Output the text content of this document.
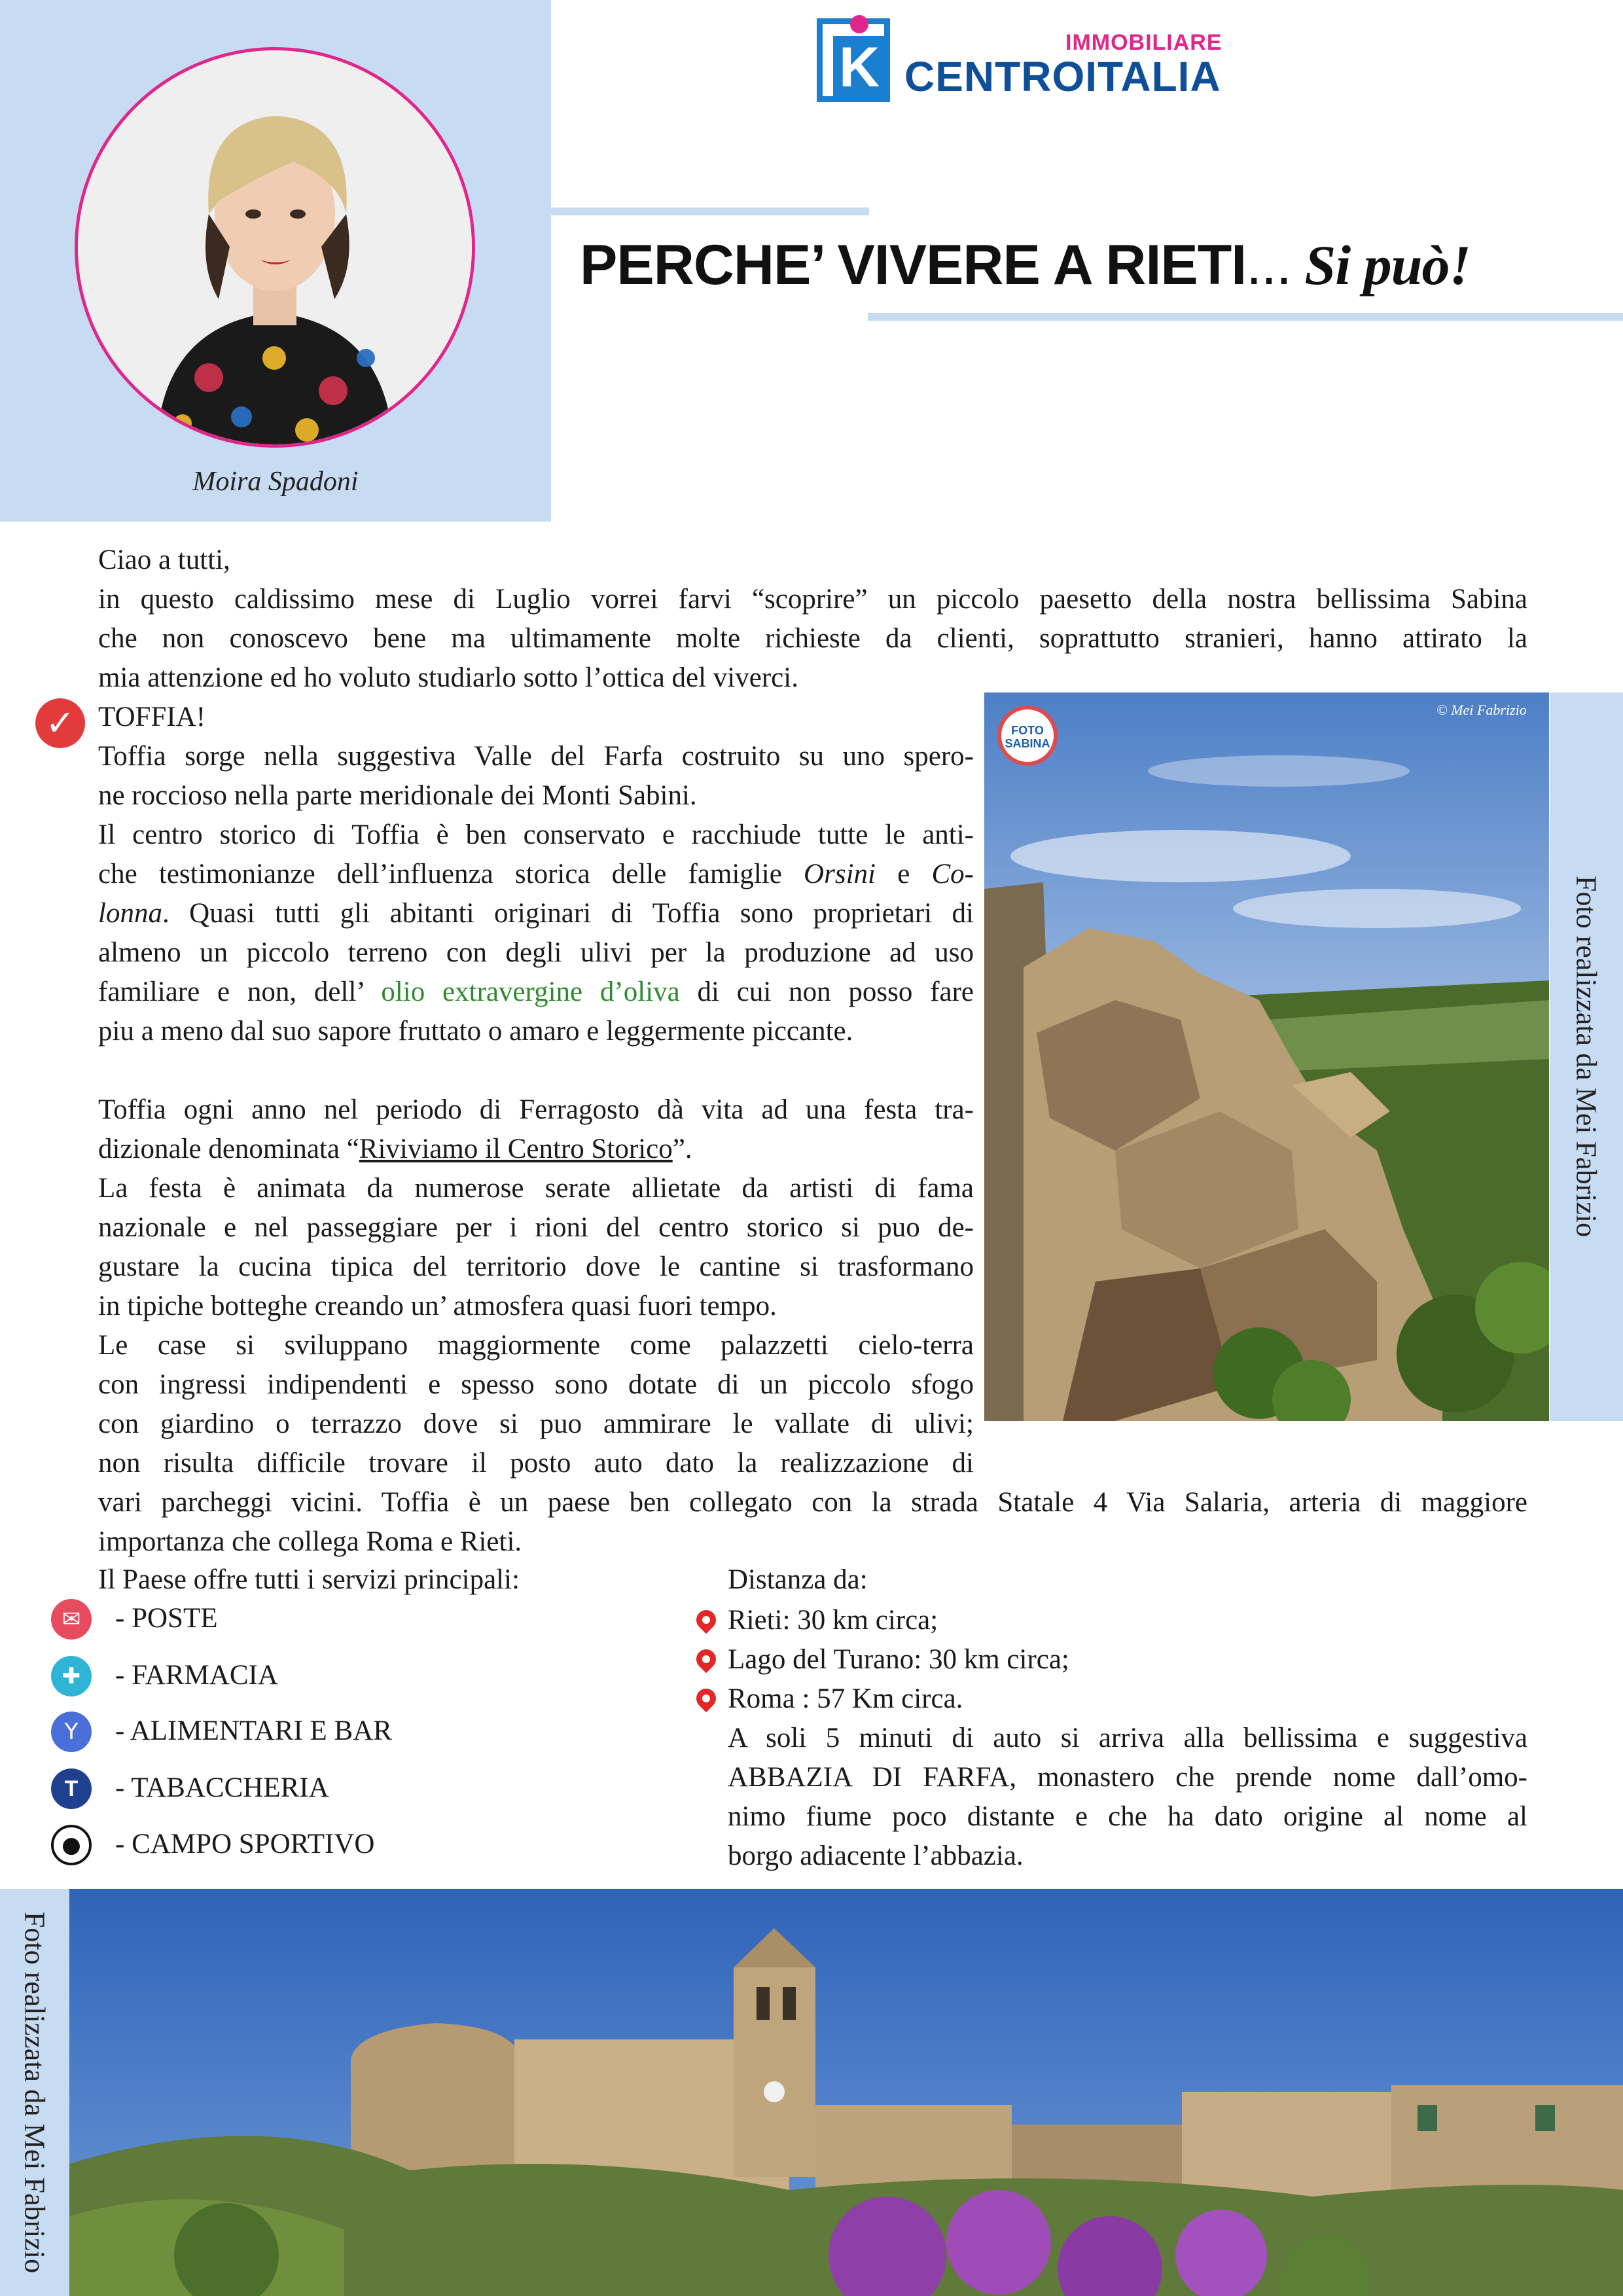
Moira Spadoni
K	IMMOBILIARE
CENTROITALIA
PERCHE’ VIVERE A RIETI... Si può!
Ciao a tutti,
in questo caldissimo mese di Luglio vorrei farvi “scoprire” un piccolo paesetto della nostra bellissima Sabina
che non conoscevo bene ma ultimamente molte richieste da clienti, soprattutto stranieri, hanno attirato la
mia attenzione ed ho voluto studiarlo sotto l’ottica del viverci.
✓ TOFFIA!
Toffia sorge nella suggestiva Valle del Farfa costruito su uno spero-
ne roccioso nella parte meridionale dei Monti Sabini.
Il centro storico di Toffia è ben conservato e racchiude tutte le anti-
che testimonianze dell’influenza storica delle famiglie Orsini e Co-
lonna. Quasi tutti gli abitanti originari di Toffia sono proprietari di
almeno un piccolo terreno con degli ulivi per la produzione ad uso
familiare e non, dell’ olio extravergine d’oliva di cui non posso fare
piu a meno dal suo sapore fruttato o amaro e leggermente piccante.
Toffia ogni anno nel periodo di Ferragosto dà vita ad una festa tra-
dizionale denominata “Riviviamo il Centro Storico”.
La festa è animata da numerose serate allietate da artisti di fama
nazionale e nel passeggiare per i rioni del centro storico si puo de-
gustare la cucina tipica del territorio dove le cantine si trasformano
in tipiche botteghe creando un’ atmosfera quasi fuori tempo.
Le case si sviluppano maggiormente come palazzetti cielo-terra
con ingressi indipendenti e spesso sono dotate di un piccolo sfogo
con giardino o terrazzo dove si puo ammirare le vallate di ulivi;
non risulta difficile trovare il posto auto dato la realizzazione di
vari parcheggi vicini. Toffia è un paese ben collegato con la strada Statale 4 Via Salaria, arteria di maggiore
importanza che collega Roma e Rieti.
FOTO
SABINA
© Mei Fabrizio
Foto realizzata da Mei Fabrizio
Il Paese offre tutti i servizi principali:
✉	- POSTE
✚	- FARMACIA
Y	- ALIMENTARI E BAR
T	- TABACCHERIA
●	- CAMPO SPORTIVO
Distanza da:
Rieti: 30 km circa;
Lago del Turano: 30 km circa;
Roma : 57 Km circa.
A soli 5 minuti di auto si arriva alla bellissima e suggestiva
ABBAZIA DI FARFA, monastero che prende nome dall’omo-
nimo fiume poco distante e che ha dato origine al nome al
borgo adiacente l’abbazia.
Foto realizzata da Mei Fabrizio
